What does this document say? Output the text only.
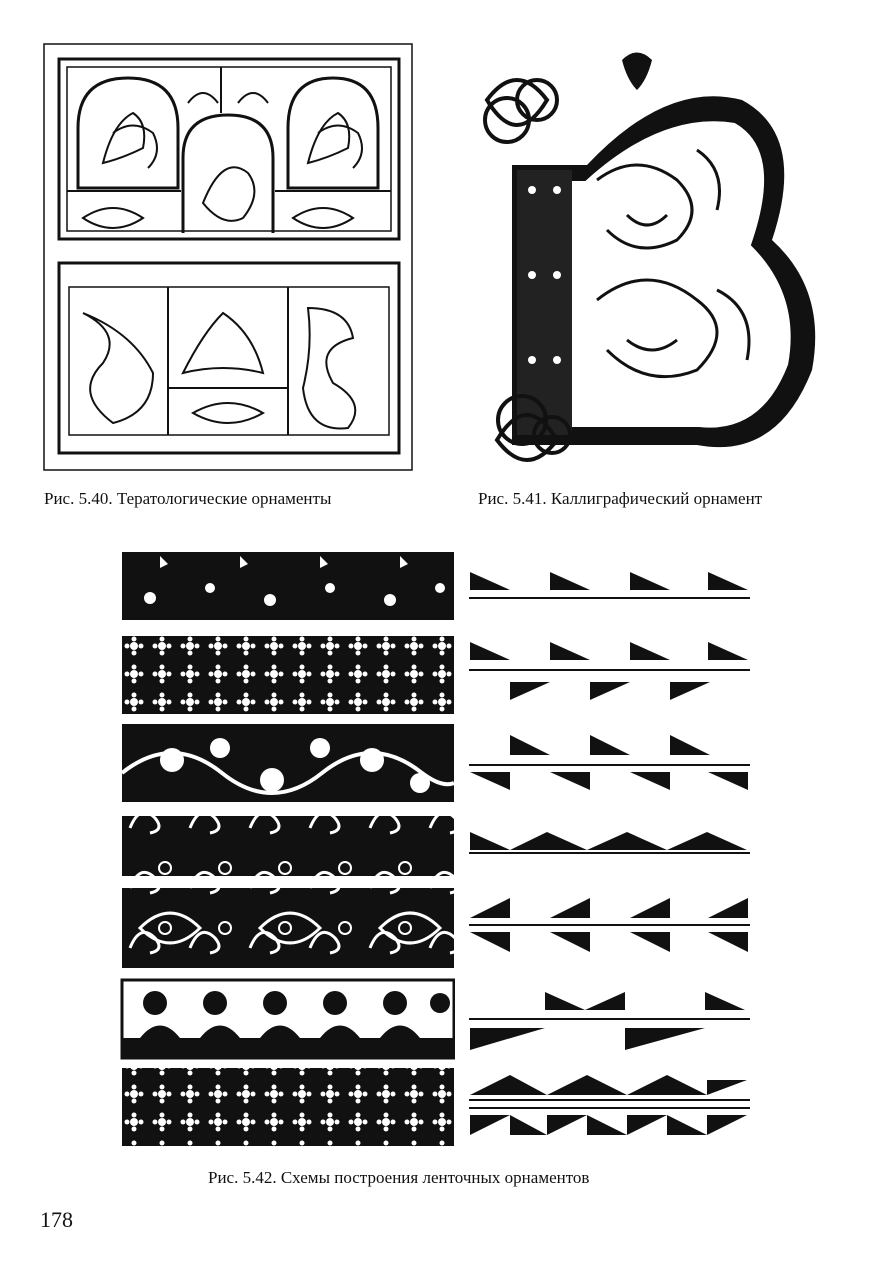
Рис. 5.40. Тератологические орнаменты	Рис. 5.41. Каллиграфический орнамент
Рис. 5.42. Схемы построения ленточных орнаментов
178
